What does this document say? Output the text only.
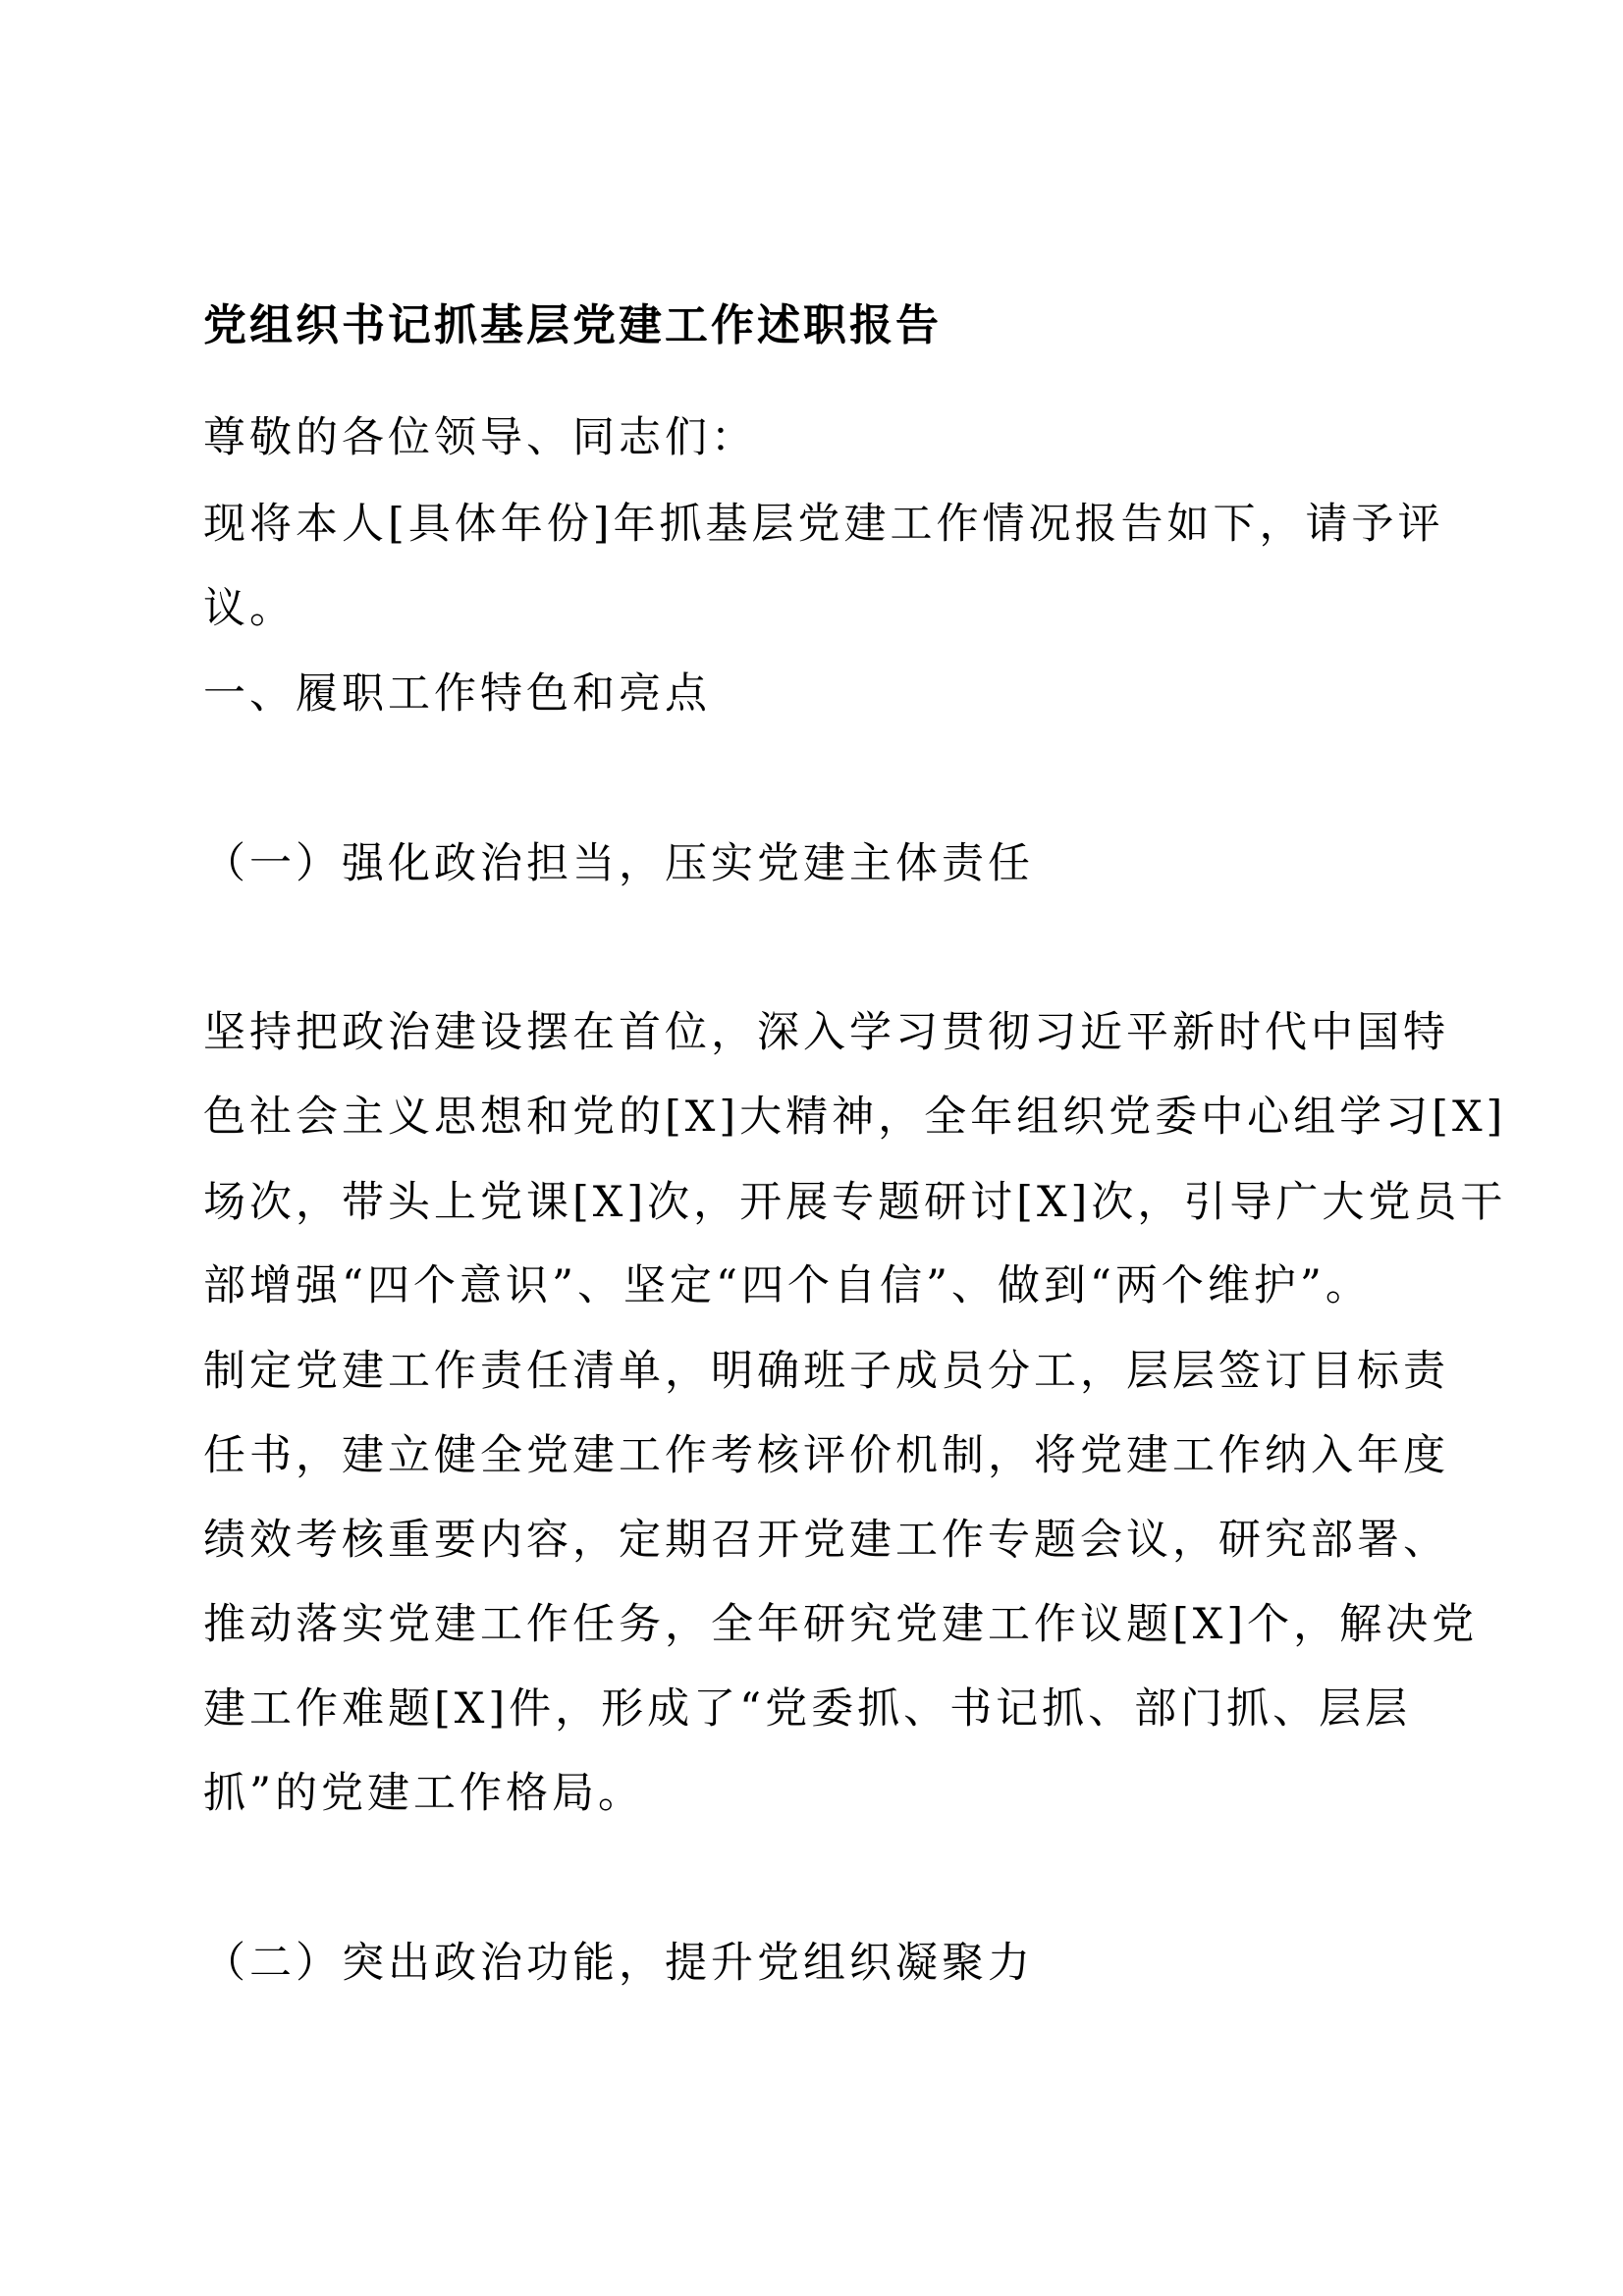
党组织书记抓基层党建工作述职报告
尊敬的各位领导、同志们：
现将本人[具体年份]年抓基层党建工作情况报告如下，请予评
议。
一、履职工作特色和亮点
（一）强化政治担当，压实党建主体责任
坚持把政治建设摆在首位，深入学习贯彻习近平新时代中国特
色社会主义思想和党的[X]大精神，全年组织党委中心组学习[X]
场次，带头上党课[X]次，开展专题研讨[X]次，引导广大党员干
部增强“四个意识”、坚定“四个自信”、做到“两个维护”。
制定党建工作责任清单，明确班子成员分工，层层签订目标责
任书，建立健全党建工作考核评价机制，将党建工作纳入年度
绩效考核重要内容，定期召开党建工作专题会议，研究部署、
推动落实党建工作任务，全年研究党建工作议题[X]个，解决党
建工作难题[X]件，形成了“党委抓、书记抓、部门抓、层层
抓”的党建工作格局。
（二）突出政治功能，提升党组织凝聚力
